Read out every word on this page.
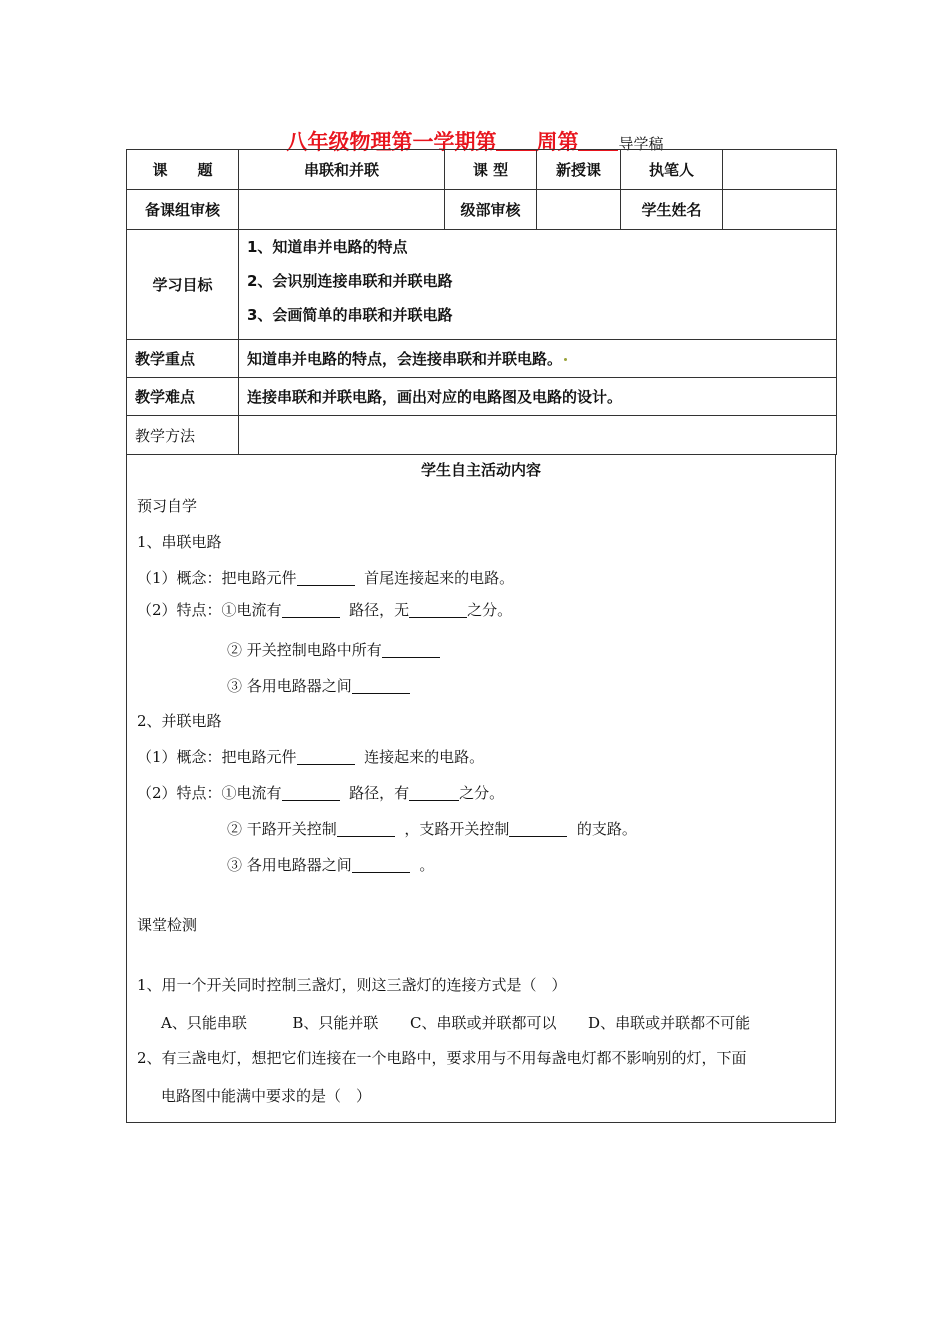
八年级物理第一学期第 周第	导学稿
课　　题	串联和并联	课 型	新授课	执笔人	
备课组审核		级部审核		学生姓名	
学习目标	1、知道串并电路的特点
2、会识别连接串联和并联电路
3、会画简单的串联和并联电路				

教学重点	知道串并电路的特点，会连接串联和并联电路。				
教学难点	连接串联和并联电路，画出对应的电路图及电路的设计。				
教学方法					
学生自主活动内容
预习自学
1、串联电路
（1）概念：把电路元件	首尾连接起来的电路。
（2）特点：①电流有	路径，无	之分。
② 开关控制电路中所有
③ 各用电路器之间
2、并联电路
（1）概念：把电路元件	连接起来的电路。
（2）特点：①电流有	路径，有	之分。
② 干路开关控制	，支路开关控制	的支路。
③ 各用电路器之间	。
课堂检测
1、用一个开关同时控制三盏灯，则这三盏灯的连接方式是（　）
A、只能串联	B、只能并联 C、串联或并联都可以 D、串联或并联都不可能
2、有三盏电灯，想把它们连接在一个电路中，要求用与不用每盏电灯都不影响别的灯，下面
电路图中能满中要求的是（　）
